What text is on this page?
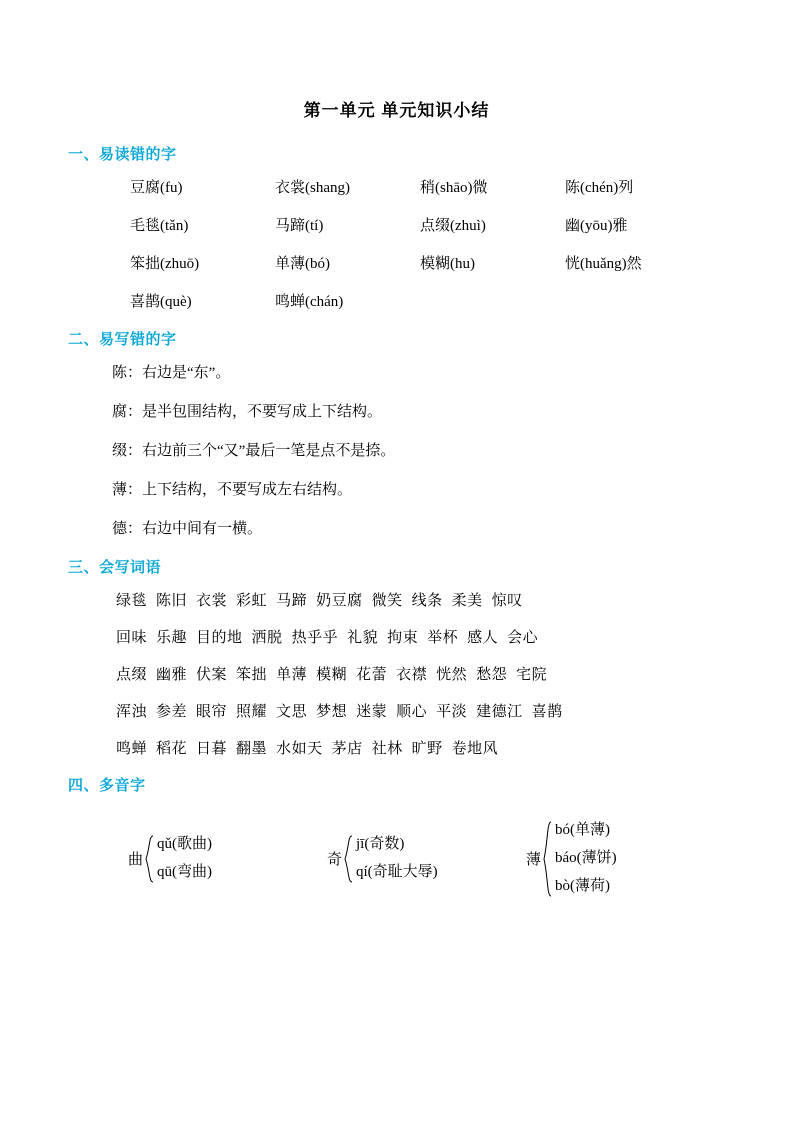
第一单元 单元知识小结
一、易读错的字
豆腐(fu)	衣裳(shang)	稍(shāo)微	陈(chén)列
毛毯(tǎn)	马蹄(tí)	点缀(zhuì)	幽(yōu)雅
笨拙(zhuō)	单薄(bó)	模糊(hu)	恍(huǎng)然
喜鹊(què)	鸣蝉(chán)
二、易写错的字
陈：右边是“东”。
腐：是半包围结构，不要写成上下结构。
缀：右边前三个“又”最后一笔是点不是捺。
薄：上下结构，不要写成左右结构。
德：右边中间有一横。
三、会写词语
绿毯 陈旧 衣裳 彩虹 马蹄 奶豆腐 微笑 线条 柔美 惊叹
回味 乐趣 目的地 洒脱 热乎乎 礼貌 拘束 举杯 感人 会心
点缀 幽雅 伏案 笨拙 单薄 模糊 花蕾 衣襟 恍然 愁怨 宅院
浑浊 参差 眼帘 照耀 文思 梦想 迷蒙 顺心 平淡 建德江 喜鹊
鸣蝉 稻花 日暮 翻墨 水如天 茅店 社林 旷野 卷地风
四、多音字
曲
qǔ(歌曲)
qū(弯曲)
奇
jī(奇数)
qí(奇耻大辱)
薄
bó(单薄)
báo(薄饼)
bò(薄荷)
